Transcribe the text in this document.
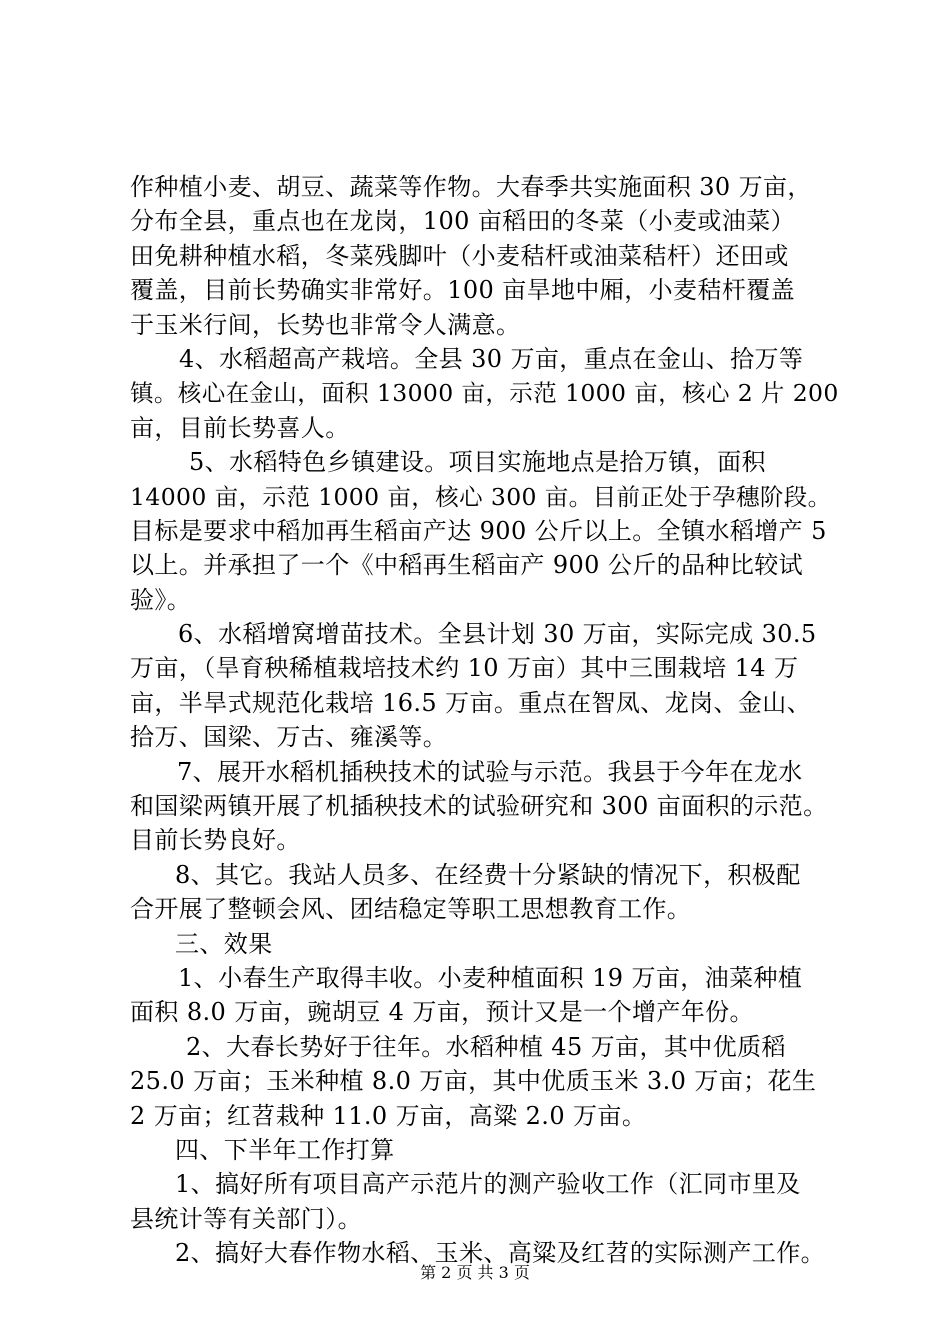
作种植小麦、胡豆、蔬菜等作物。大春季共实施面积 30 万亩，
分布全县，重点也在龙岗，100 亩稻田的冬菜（小麦或油菜）
田免耕种植水稻，冬菜残脚叶（小麦秸杆或油菜秸杆）还田或
覆盖，目前长势确实非常好。100 亩旱地中厢，小麦秸杆覆盖
于玉米行间，长势也非常令人满意。
4、水稻超高产栽培。全县 30 万亩，重点在金山、拾万等
镇。核心在金山，面积 13000 亩，示范 1000 亩，核心 2 片 200
亩，目前长势喜人。
5、水稻特色乡镇建设。项目实施地点是拾万镇，面积
14000 亩，示范 1000 亩，核心 300 亩。目前正处于孕穗阶段。
目标是要求中稻加再生稻亩产达 900 公斤以上。全镇水稻增产 5
以上。并承担了一个《中稻再生稻亩产 900 公斤的品种比较试
验》。
6、水稻增窝增苗技术。全县计划 30 万亩，实际完成 30.5
万亩，（旱育秧稀植栽培技术约 10 万亩）其中三围栽培 14 万
亩，半旱式规范化栽培 16.5 万亩。重点在智凤、龙岗、金山、
拾万、国梁、万古、雍溪等。
7、展开水稻机插秧技术的试验与示范。我县于今年在龙水
和国梁两镇开展了机插秧技术的试验研究和 300 亩面积的示范。
目前长势良好。
8、其它。我站人员多、在经费十分紧缺的情况下，积极配
合开展了整顿会风、团结稳定等职工思想教育工作。
三、效果
1、小春生产取得丰收。小麦种植面积 19 万亩，油菜种植
面积 8.0 万亩，豌胡豆 4 万亩，预计又是一个增产年份。
2、大春长势好于往年。水稻种植 45 万亩，其中优质稻
25.0 万亩；玉米种植 8.0 万亩，其中优质玉米 3.0 万亩；花生
2 万亩；红苕栽种 11.0 万亩，高粱 2.0 万亩。
四、下半年工作打算
1、搞好所有项目高产示范片的测产验收工作（汇同市里及
县统计等有关部门）。
2、搞好大春作物水稻、玉米、高粱及红苕的实际测产工作。
第 2 页 共 3 页
